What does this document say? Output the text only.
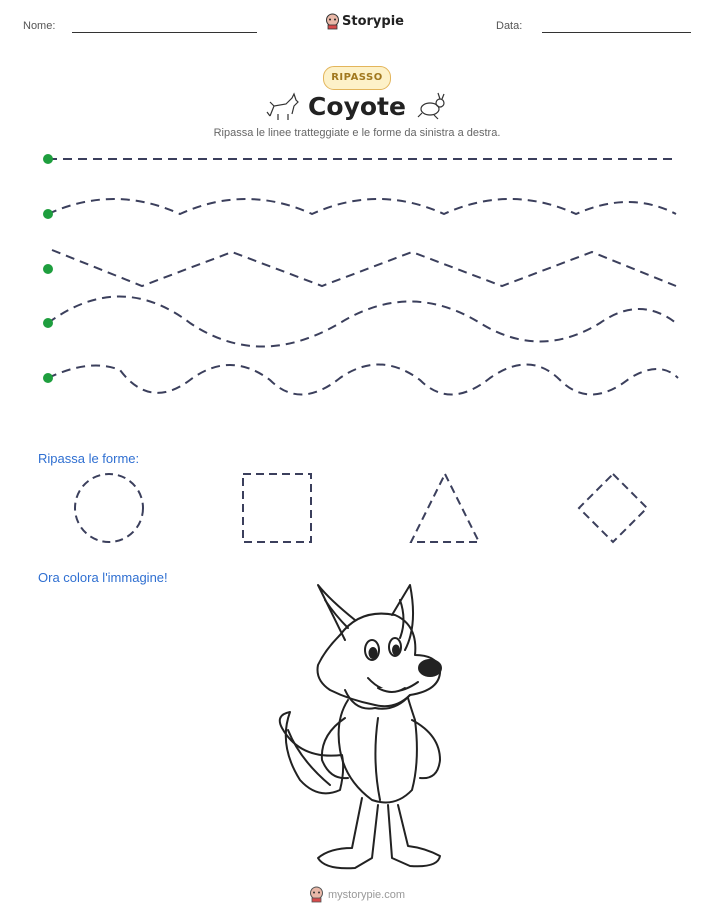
Nome:	Storypie	Data:
RIPASSO
Coyote
Ripassa le linee tratteggiate e le forme da sinistra a destra.
Ripassa le forme:
Ora colora l'immagine!
mystorypie.com
